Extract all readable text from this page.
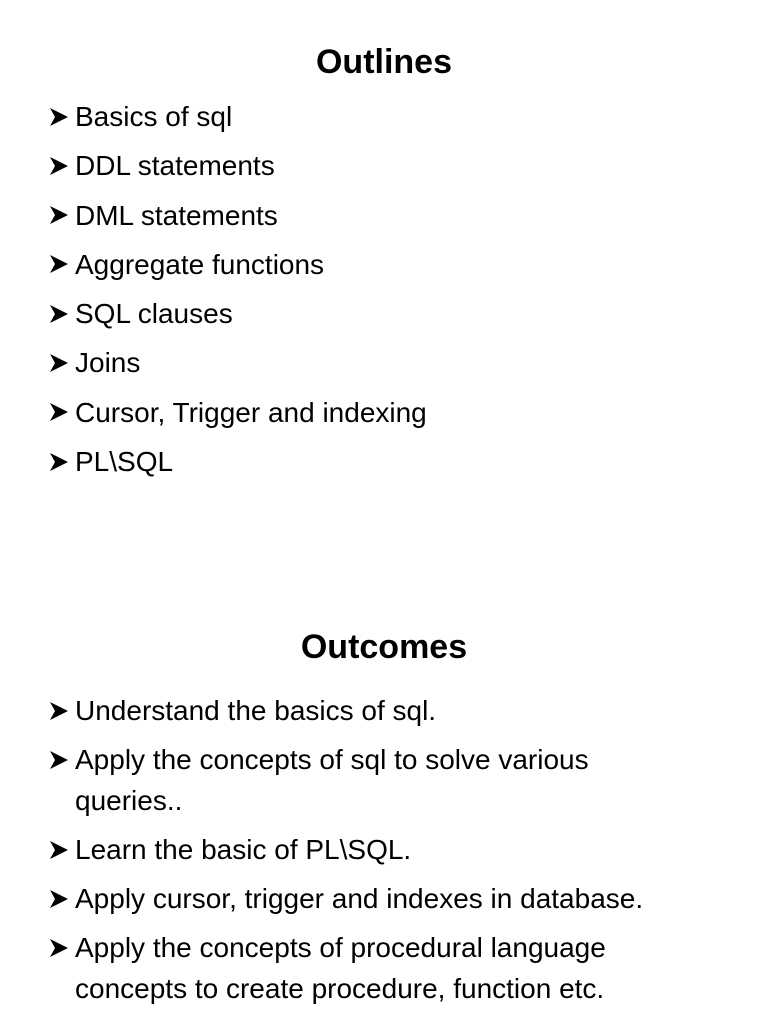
Outlines
Basics of sql
DDL statements
DML statements
Aggregate functions
SQL clauses
Joins
Cursor, Trigger and indexing
PL\SQL
Outcomes
Understand the basics of sql.
Apply the concepts of sql to solve various queries..
Learn the basic of PL\SQL.
Apply cursor, trigger and indexes in database.
Apply the concepts of procedural language concepts to create procedure, function etc.
